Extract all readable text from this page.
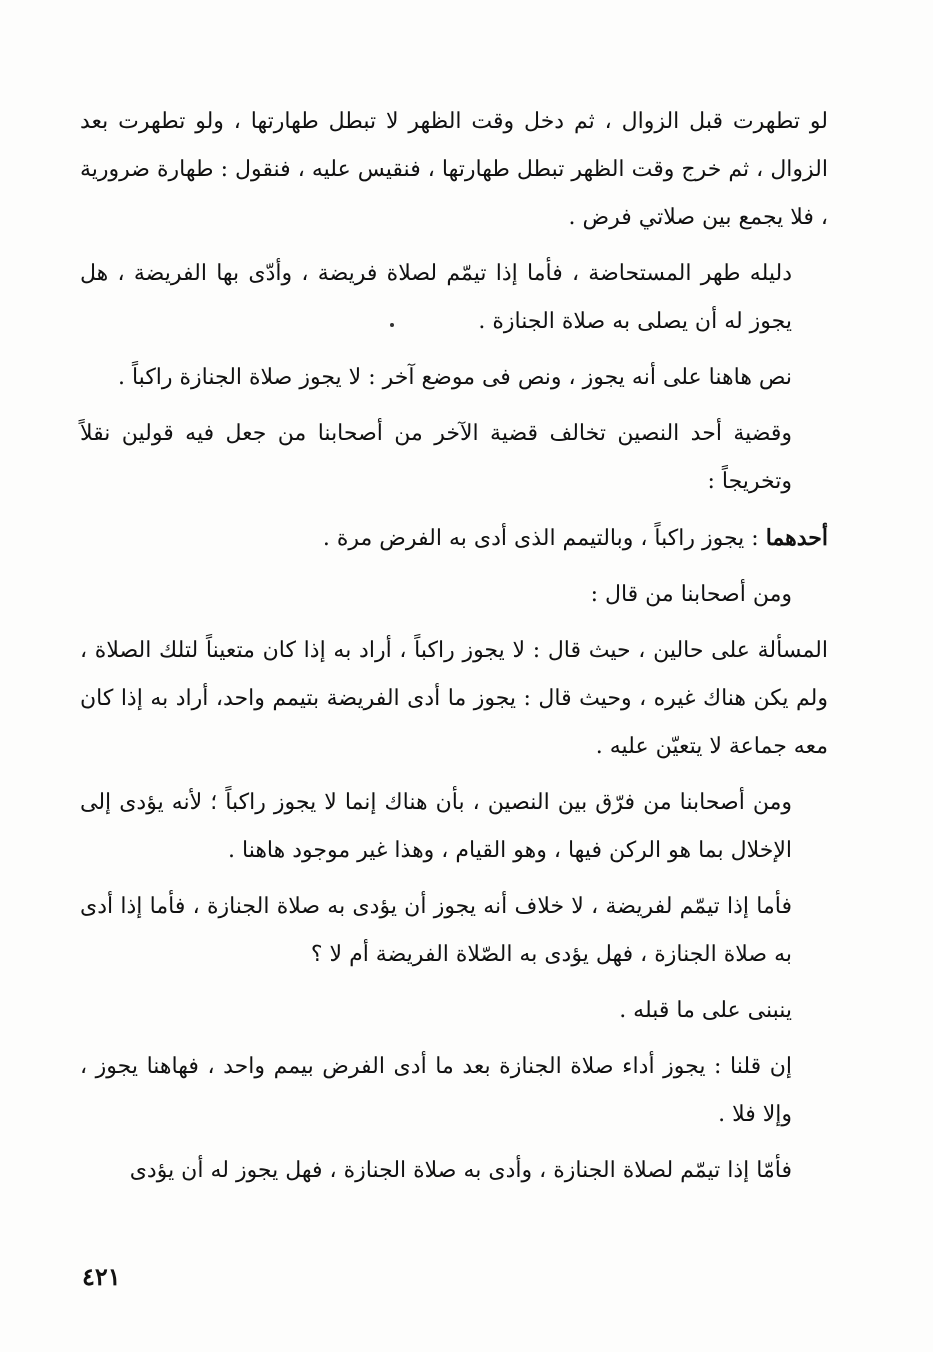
لو تطهرت قبل الزوال ، ثم دخل وقت الظهر لا تبطل طهارتها ، ولو تطهرت بعد الزوال ، ثم خرج وقت الظهر تبطل طهارتها ، فنقيس عليه ، فنقول : طهارة ضرورية ، فلا يجمع بين صلاتي فرض .

دليله طهر المستحاضة ، فأما إذا تيمّم لصلاة فريضة ، وأدّى بها الفريضة ، هل يجوز له أن يصلى به صلاة الجنازة .

نص هاهنا على أنه يجوز ، ونص فى موضع آخر : لا يجوز صلاة الجنازة راكباً .

وقضية أحد النصين تخالف قضية الآخر من أصحابنا من جعل فيه قولين نقلاً وتخريجاً :

أحدهما : يجوز راكباً ، وبالتيمم الذى أدى به الفرض مرة .

ومن أصحابنا من قال :

المسألة على حالين ، حيث قال : لا يجوز راكباً ، أراد به إذا كان متعيناً لتلك الصلاة ، ولم يكن هناك غيره ، وحيث قال : يجوز ما أدى الفريضة بتيمم واحد، أراد به إذا كان معه جماعة لا يتعيّن عليه .

ومن أصحابنا من فرّق بين النصين ، بأن هناك إنما لا يجوز راكباً ؛ لأنه يؤدى إلى الإخلال بما هو الركن فيها ، وهو القيام ، وهذا غير موجود هاهنا .

فأما إذا تيمّم لفريضة ، لا خلاف أنه يجوز أن يؤدى به صلاة الجنازة ، فأما إذا أدى به صلاة الجنازة ، فهل يؤدى به الصّلاة الفريضة أم لا ؟

ينبنى على ما قبله .

إن قلنا : يجوز أداء صلاة الجنازة بعد ما أدى الفرض بيمم واحد ، فهاهنا يجوز ، وإلا فلا .

فأمّا إذا تيمّم لصلاة الجنازة ، وأدى به صلاة الجنازة ، فهل يجوز له أن يؤدى

٤٢١
